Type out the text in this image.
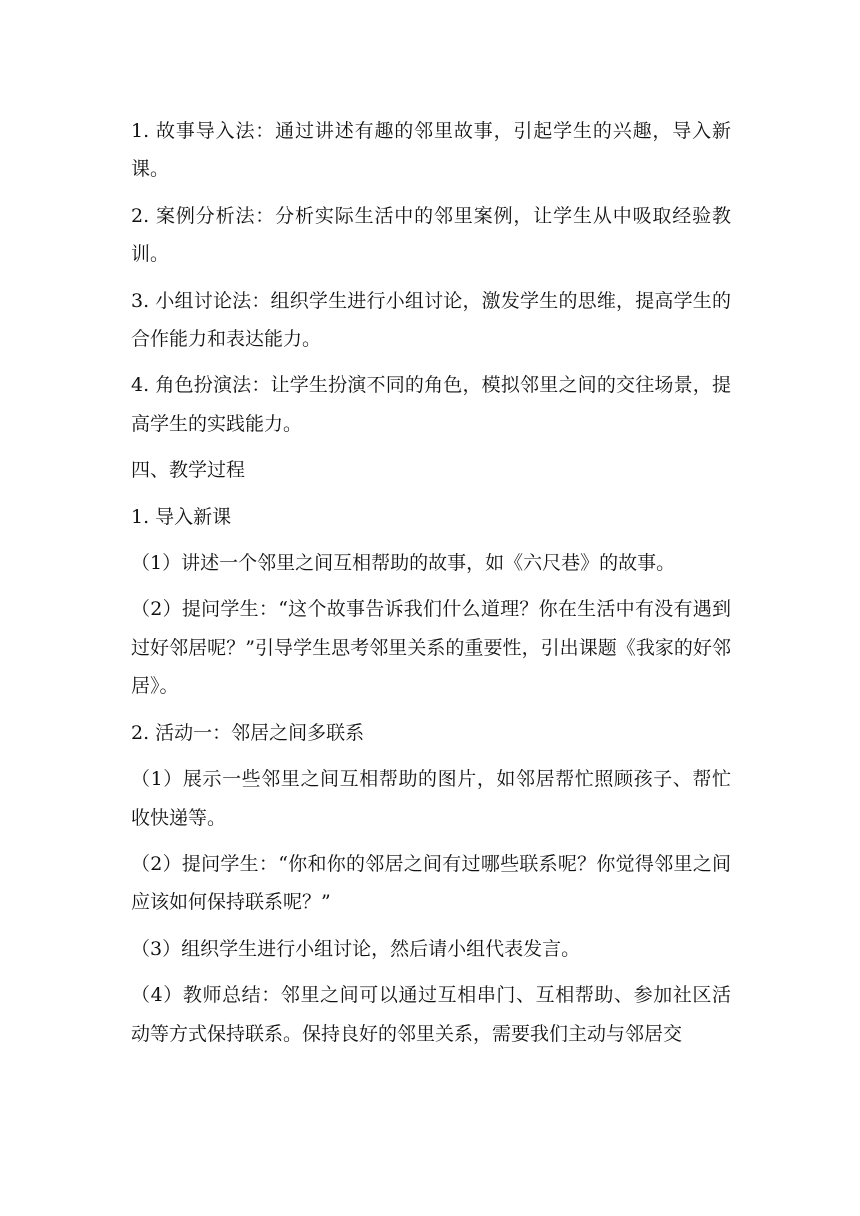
1. 故事导入法：通过讲述有趣的邻里故事，引起学生的兴趣，导入新课。

2. 案例分析法：分析实际生活中的邻里案例，让学生从中吸取经验教训。

3. 小组讨论法：组织学生进行小组讨论，激发学生的思维，提高学生的合作能力和表达能力。

4. 角色扮演法：让学生扮演不同的角色，模拟邻里之间的交往场景，提高学生的实践能力。

四、教学过程

1. 导入新课

（1）讲述一个邻里之间互相帮助的故事，如《六尺巷》的故事。

（2）提问学生：“这个故事告诉我们什么道理？你在生活中有没有遇到过好邻居呢？”引导学生思考邻里关系的重要性，引出课题《我家的好邻居》。

2. 活动一：邻居之间多联系

（1）展示一些邻里之间互相帮助的图片，如邻居帮忙照顾孩子、帮忙收快递等。

（2）提问学生：“你和你的邻居之间有过哪些联系呢？你觉得邻里之间应该如何保持联系呢？”

（3）组织学生进行小组讨论，然后请小组代表发言。

（4）教师总结：邻里之间可以通过互相串门、互相帮助、参加社区活动等方式保持联系。保持良好的邻里关系，需要我们主动与邻居交
